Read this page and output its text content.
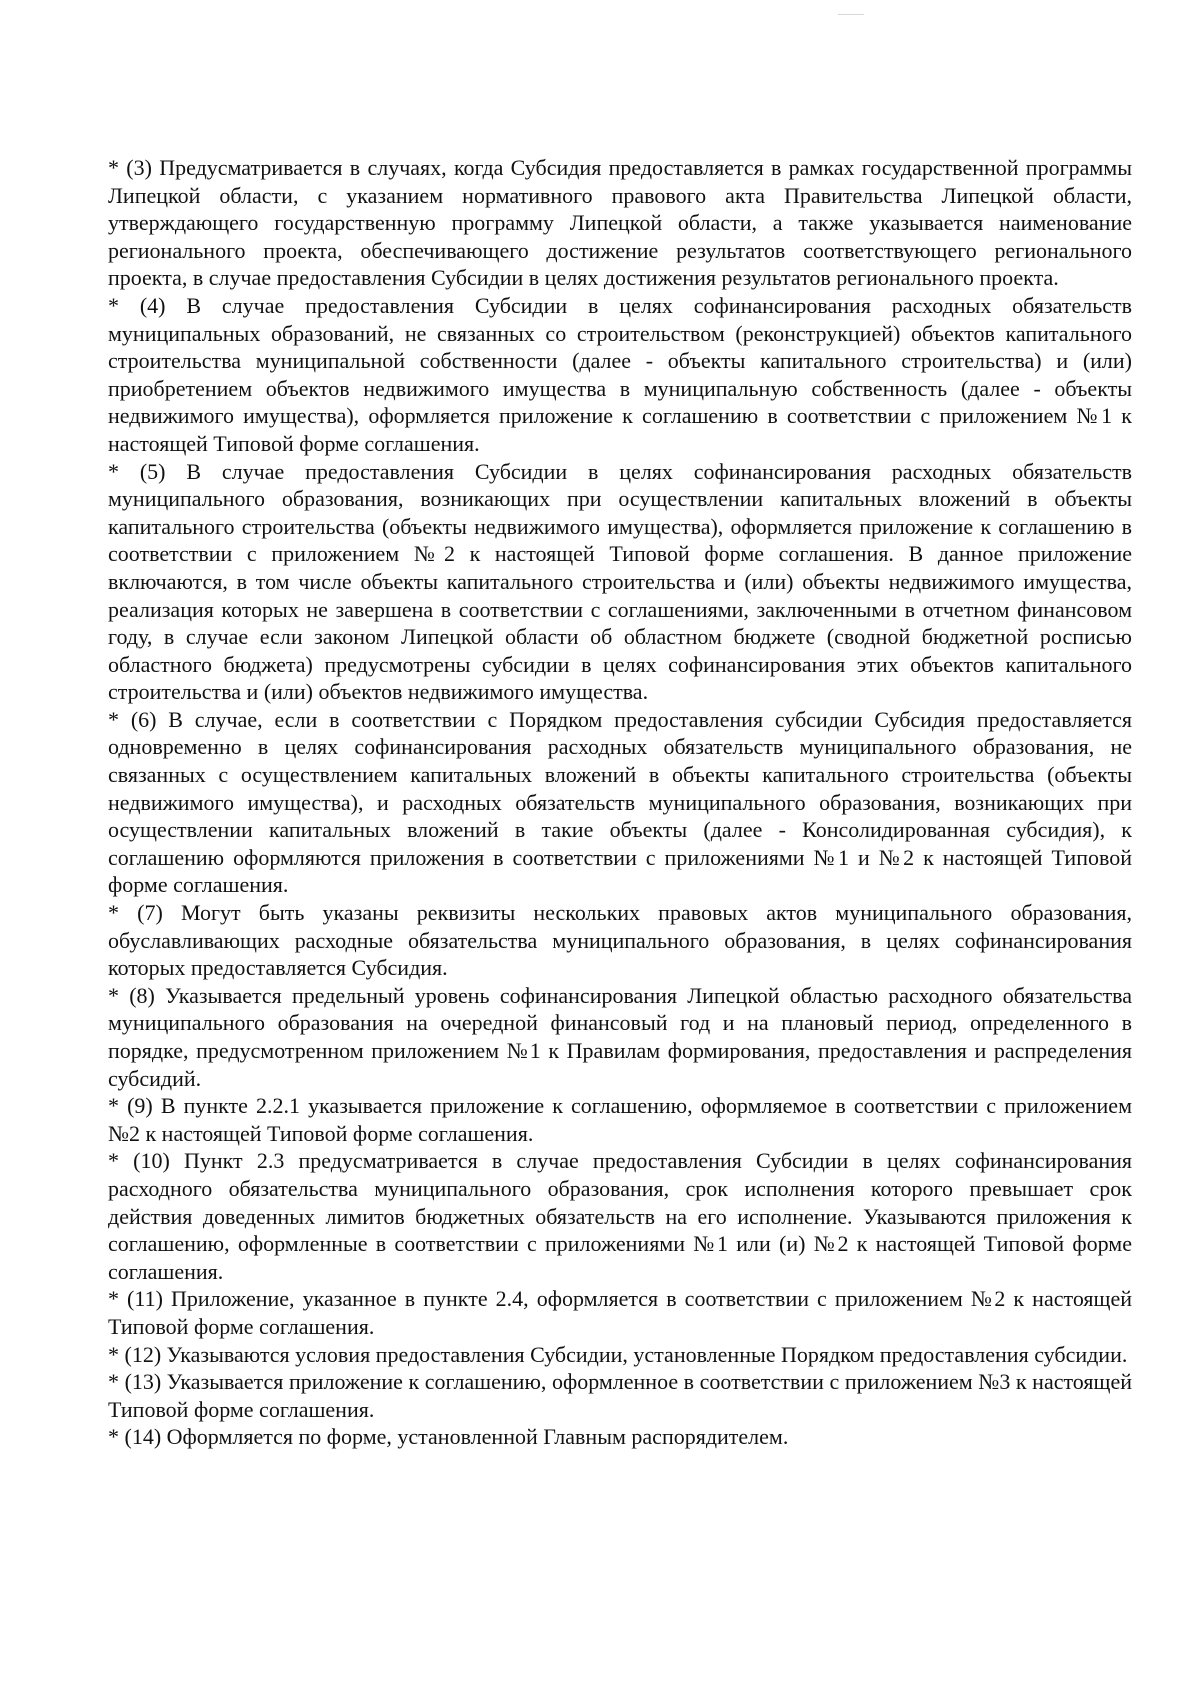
* (3) Предусматривается в случаях, когда Субсидия предоставляется в рамках государственной программы Липецкой области, с указанием нормативного правового акта Правительства Липецкой области, утверждающего государственную программу Липецкой области, а также указывается наименование регионального проекта, обеспечивающего достижение результатов соответствующего регионального проекта, в случае предоставления Субсидии в целях достижения результатов регионального проекта.

* (4) В случае предоставления Субсидии в целях софинансирования расходных обязательств муниципальных образований, не связанных со строительством (реконструкцией) объектов капитального строительства муниципальной собственности (далее - объекты капитального строительства) и (или) приобретением объектов недвижимого имущества в муниципальную собственность (далее - объекты недвижимого имущества), оформляется приложение к соглашению в соответствии с приложением №1 к настоящей Типовой форме соглашения.

* (5) В случае предоставления Субсидии в целях софинансирования расходных обязательств муниципального образования, возникающих при осуществлении капитальных вложений в объекты капитального строительства (объекты недвижимого имущества), оформляется приложение к соглашению в соответствии с приложением №2 к настоящей Типовой форме соглашения. В данное приложение включаются, в том числе объекты капитального строительства и (или) объекты недвижимого имущества, реализация которых не завершена в соответствии с соглашениями, заключенными в отчетном финансовом году, в случае если законом Липецкой области об областном бюджете (сводной бюджетной росписью областного бюджета) предусмотрены субсидии в целях софинансирования этих объектов капитального строительства и (или) объектов недвижимого имущества.

* (6) В случае, если в соответствии с Порядком предоставления субсидии Субсидия предоставляется одновременно в целях софинансирования расходных обязательств муниципального образования, не связанных с осуществлением капитальных вложений в объекты капитального строительства (объекты недвижимого имущества), и расходных обязательств муниципального образования, возникающих при осуществлении капитальных вложений в такие объекты (далее - Консолидированная субсидия), к соглашению оформляются приложения в соответствии с приложениями №1 и №2 к настоящей Типовой форме соглашения.

* (7) Могут быть указаны реквизиты нескольких правовых актов муниципального образования, обуславливающих расходные обязательства муниципального образования, в целях софинансирования которых предоставляется Субсидия.

* (8) Указывается предельный уровень софинансирования Липецкой областью расходного обязательства муниципального образования на очередной финансовый год и на плановый период, определенного в порядке, предусмотренном приложением №1 к Правилам формирования, предоставления и распределения субсидий.

* (9) В пункте 2.2.1 указывается приложение к соглашению, оформляемое в соответствии с приложением №2 к настоящей Типовой форме соглашения.

* (10) Пункт 2.3 предусматривается в случае предоставления Субсидии в целях софинансирования расходного обязательства муниципального образования, срок исполнения которого превышает срок действия доведенных лимитов бюджетных обязательств на его исполнение. Указываются приложения к соглашению, оформленные в соответствии с приложениями №1 или (и) №2 к настоящей Типовой форме соглашения.

* (11) Приложение, указанное в пункте 2.4, оформляется в соответствии с приложением №2 к настоящей Типовой форме соглашения.

* (12) Указываются условия предоставления Субсидии, установленные Порядком предоставления субсидии.

* (13) Указывается приложение к соглашению, оформленное в соответствии с приложением №3 к настоящей Типовой форме соглашения.

* (14) Оформляется по форме, установленной Главным распорядителем.
